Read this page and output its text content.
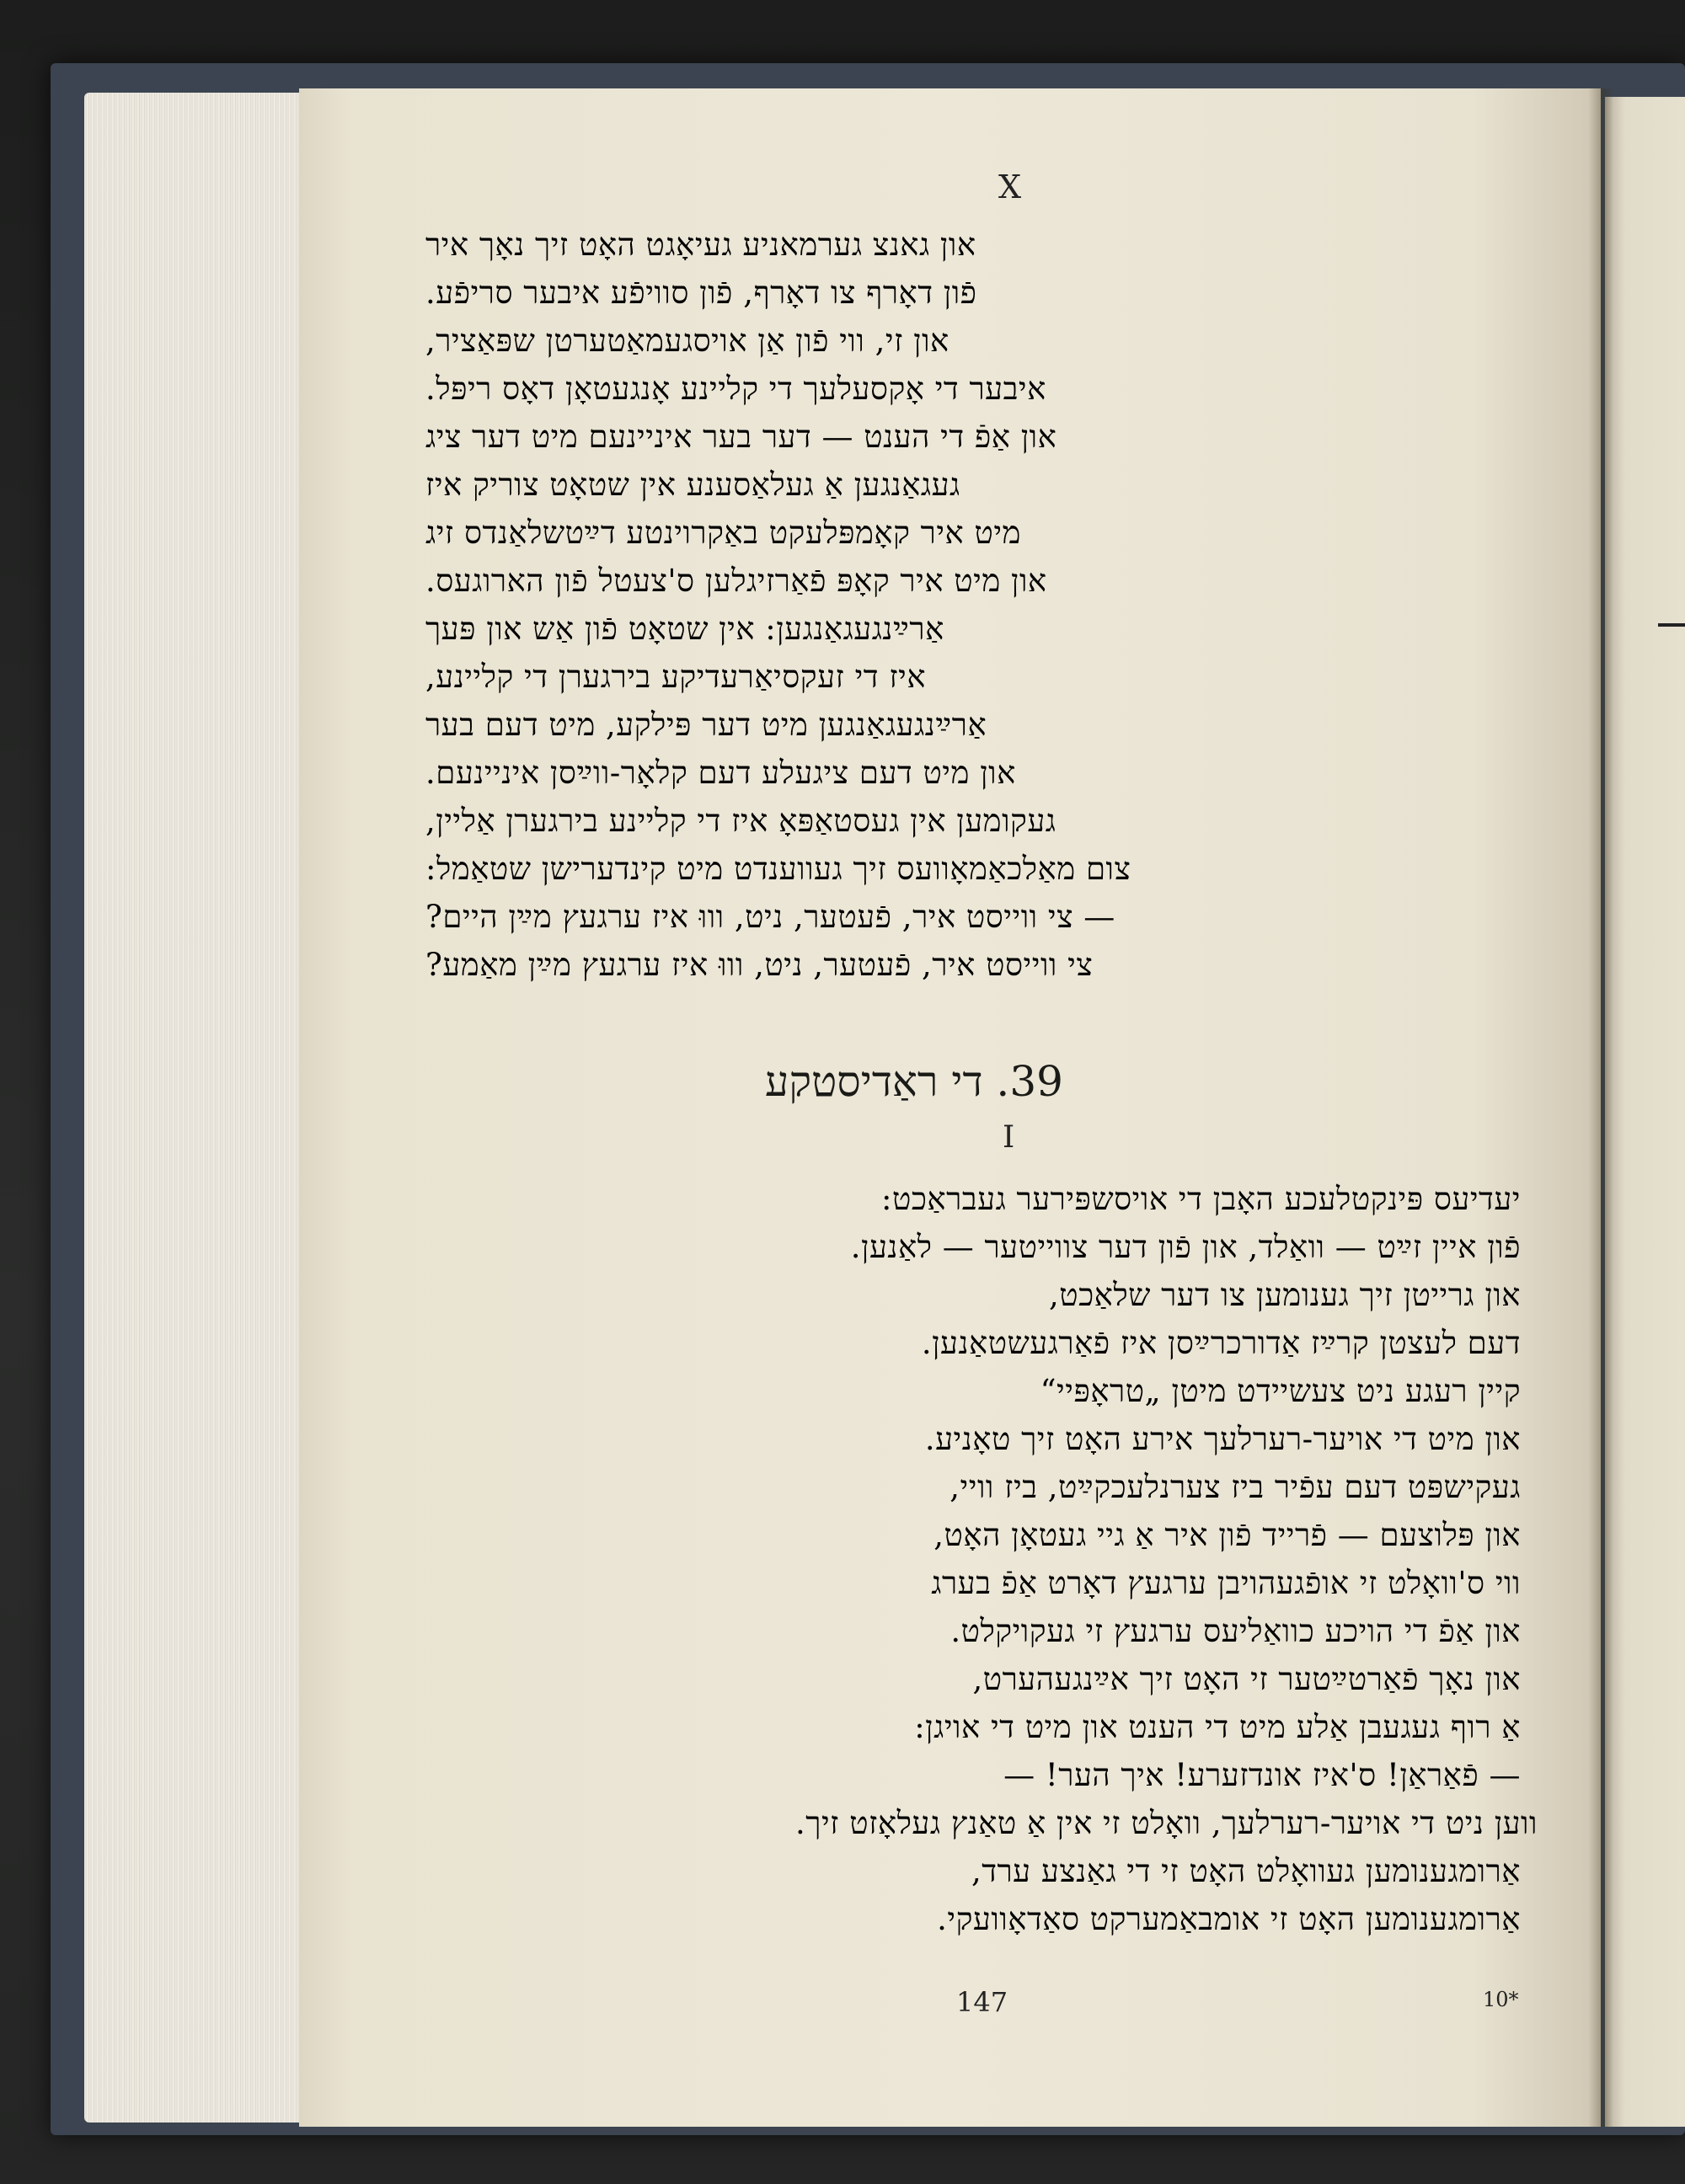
X
און גאנצ גערמאניע געיאָגט האָט זיך נאָך איר
פֿון דאָרף צו דאָרף, פֿון סוויפֿע איבער סריפֿע.
און זי, ווי פֿון אַן אויסגעמאַטערטן שפּאַציר,
איבער די אָקסעלעך די קליינע אָנגעטאָן דאָס ריפּל.
און אַפֿ די הענט — דער בער איניינעם מיט דער ציג
געגאַנגען אַ געלאַסענע אין שטאָט צוריק איז
מיט איר קאָמפּלעקט באַקרוינטע דײַטשלאַנדס זיג
און מיט איר קאָפּ פֿאַרזיגלען ס'צעטל פֿון הארוגעס.
אַרײַנגעגאַנגען: אין שטאָט פֿון אַש און פּעך
איז די זעקסיאַרעדיקע בירגערן די קליינע,
אַרײַנגעגאַנגען מיט דער פּילקע, מיט דעם בער
און מיט דעם ציגעלע דעם קלאָר-ווײַסן איניינעם.
געקומען אין געסטאַפּאָ איז די קליינע בירגערן אַליין,
צום מאַלכאַמאָוועס זיך געווענדט מיט קינדערישן שטאַמל:
— צי ווייסט איר, פֿעטער, ניט, וווּ איז ערגעץ מײַן היים?
צי ווייסט איר, פֿעטער, ניט, וווּ איז ערגעץ מײַן מאַמע?
39. די ראַדיסטקע
I
יעדיעס פּינקטלעכע האָבן די אויסשפּירער געבראַכט:
פֿון איין זײַט — וואַלד, און פֿון דער צווייטער — לאַנען.
און גרייטן זיך גענומען צו דער שלאַכט,
דעם לעצטן קרײַז אַדורכרײַסן איז פֿאַרגעשטאַנען.
קיין רעגע ניט צעשיידט מיטן „טראָפּיי“
און מיט די אויער-רערלעך אירע האָט זיך טאָניע.
געקישפּט דעם עפֿיר ביז צערנלעכקײַט, ביז וויי,
און פּלוצעם — פֿרייד פֿון איר אַ גיי געטאָן האָט,
ווי ס'וואָלט זי אופֿגעהויבן ערגעץ דאָרט אַפֿ בערג
און אַפֿ די הויכע כוואַליעס ערגעץ זי געקויקלט.
און נאָך פֿאַרטײַטער זי האָט זיך אײַנגעהערט,
אַ רוף געגעבן אַלע מיט די הענט און מיט די אויגן:
— פֿאַראַן! ס'איז אונדזערע! איך הער! —
ווען ניט די אויער-רערלעך, וואָלט זי אין אַ טאַנץ געלאָזט זיך.
אַרומגענומען געוואָלט האָט זי די גאַנצע ערד,
אַרומגענומען האָט זי אומבאַמערקט סאַדאָוועקי.
147	10*
